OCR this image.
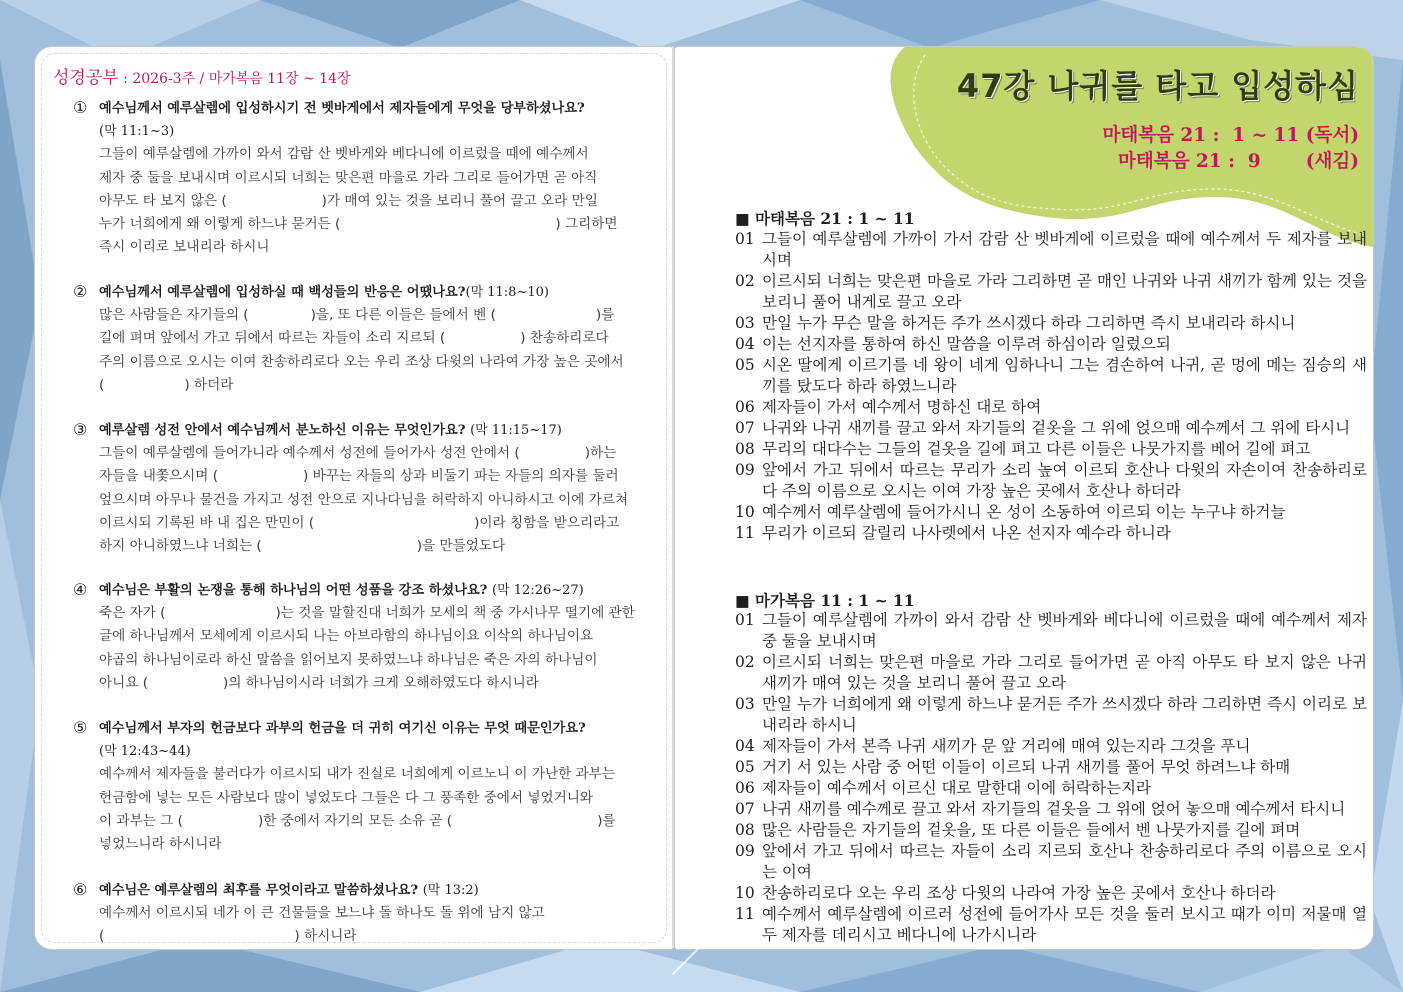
성경공부 : 2026-3주 / 마가복음 11장 ~ 14장
① 예수님께서 예루살렘에 입성하시기 전 벳바게에서 제자들에게 무엇을 당부하셨나요?
(막 11:1~3)
그들이 예루살렘에 가까이 와서 감람 산 벳바게와 베다니에 이르렀을 때에 예수께서
제자 중 둘을 보내시며 이르시되 너희는 맞은편 마을로 가라 그리로 들어가면 곧 아직
아무도 타 보지 않은 (	)가 매여 있는 것을 보리니 풀어 끌고 오라 만일
누가 너희에게 왜 이렇게 하느냐 묻거든 (	) 그리하면
즉시 이리로 보내리라 하시니
② 예수님께서 예루살렘에 입성하실 때 백성들의 반응은 어땠나요?(막 11:8~10)
많은 사람들은 자기들의 (	)을, 또 다른 이들은 들에서 벤 (	)를
길에 펴며 앞에서 가고 뒤에서 따르는 자들이 소리 지르되 (	) 찬송하리로다
주의 이름으로 오시는 이여 찬송하리로다 오는 우리 조상 다윗의 나라여 가장 높은 곳에서
(	) 하더라
③ 예루살렘 성전 안에서 예수님께서 분노하신 이유는 무엇인가요? (막 11:15~17)
그들이 예루살렘에 들어가니라 예수께서 성전에 들어가사 성전 안에서 (	)하는
자들을 내쫓으시며 (	) 바꾸는 자들의 상과 비둘기 파는 자들의 의자를 둘러
엎으시며 아무나 물건을 가지고 성전 안으로 지나다님을 허락하지 아니하시고 이에 가르쳐
이르시되 기록된 바 내 집은 만민이 (	)이라 칭함을 받으리라고
하지 아니하였느냐 너희는 (	)을 만들었도다
④ 예수님은 부활의 논쟁을 통해 하나님의 어떤 성품을 강조 하셨나요? (막 12:26~27)
죽은 자가 (	)는 것을 말할진대 너희가 모세의 책 중 가시나무 떨기에 관한
글에 하나님께서 모세에게 이르시되 나는 아브라함의 하나님이요 이삭의 하나님이요
야곱의 하나님이로라 하신 말씀을 읽어보지 못하였느냐 하나님은 죽은 자의 하나님이
아니요 (	)의 하나님이시라 너희가 크게 오해하였도다 하시니라
⑤ 예수님께서 부자의 헌금보다 과부의 헌금을 더 귀히 여기신 이유는 무엇 때문인가요?
(막 12:43~44)
예수께서 제자들을 불러다가 이르시되 내가 진실로 너희에게 이르노니 이 가난한 과부는
헌금함에 넣는 모든 사람보다 많이 넣었도다 그들은 다 그 풍족한 중에서 넣었거니와
이 과부는 그 (	)한 중에서 자기의 모든 소유 곧 (	)를
넣었느니라 하시니라
⑥ 예수님은 예루살렘의 최후를 무엇이라고 말씀하셨나요? (막 13:2)
예수께서 이르시되 네가 이 큰 건물들을 보느냐 돌 하나도 돌 위에 남지 않고
(	) 하시니라
47강 나귀를 타고 입성하심
마태복음 21 :  1 ~ 11 (독서)
마태복음 21 :  9       (새김)
■ 마태복음 21 : 1 ~ 11
01 그들이 예루살렘에 가까이 가서 감람 산 벳바게에 이르렀을 때에 예수께서 두 제자를 보내시며
02 이르시되 너희는 맞은편 마을로 가라 그리하면 곧 매인 나귀와 나귀 새끼가 함께 있는 것을 보리니 풀어 내게로 끌고 오라
03 만일 누가 무슨 말을 하거든 주가 쓰시겠다 하라 그리하면 즉시 보내리라 하시니
04 이는 선지자를 통하여 하신 말씀을 이루려 하심이라 일렀으되
05 시온 딸에게 이르기를 네 왕이 네게 임하나니 그는 겸손하여 나귀, 곧 멍에 메는 짐승의 새끼를 탔도다 하라 하였느니라
06 제자들이 가서 예수께서 명하신 대로 하여
07 나귀와 나귀 새끼를 끌고 와서 자기들의 겉옷을 그 위에 얹으매 예수께서 그 위에 타시니
08 무리의 대다수는 그들의 겉옷을 길에 펴고 다른 이들은 나뭇가지를 베어 길에 펴고
09 앞에서 가고 뒤에서 따르는 무리가 소리 높여 이르되 호산나 다윗의 자손이여 찬송하리로다 주의 이름으로 오시는 이여 가장 높은 곳에서 호산나 하더라
10 예수께서 예루살렘에 들어가시니 온 성이 소동하여 이르되 이는 누구냐 하거늘
11 무리가 이르되 갈릴리 나사렛에서 나온 선지자 예수라 하니라
■ 마가복음 11 : 1 ~ 11
01 그들이 예루살렘에 가까이 와서 감람 산 벳바게와 베다니에 이르렀을 때에 예수께서 제자 중 둘을 보내시며
02 이르시되 너희는 맞은편 마을로 가라 그리로 들어가면 곧 아직 아무도 타 보지 않은 나귀 새끼가 매여 있는 것을 보리니 풀어 끌고 오라
03 만일 누가 너희에게 왜 이렇게 하느냐 묻거든 주가 쓰시겠다 하라 그리하면 즉시 이리로 보내리라 하시니
04 제자들이 가서 본즉 나귀 새끼가 문 앞 거리에 매여 있는지라 그것을 푸니
05 거기 서 있는 사람 중 어떤 이들이 이르되 나귀 새끼를 풀어 무엇 하려느냐 하매
06 제자들이 예수께서 이르신 대로 말한대 이에 허락하는지라
07 나귀 새끼를 예수께로 끌고 와서 자기들의 겉옷을 그 위에 얹어 놓으매 예수께서 타시니
08 많은 사람들은 자기들의 겉옷을, 또 다른 이들은 들에서 벤 나뭇가지를 길에 펴며
09 앞에서 가고 뒤에서 따르는 자들이 소리 지르되 호산나 찬송하리로다 주의 이름으로 오시는 이여
10 찬송하리로다 오는 우리 조상 다윗의 나라여 가장 높은 곳에서 호산나 하더라
11 예수께서 예루살렘에 이르러 성전에 들어가사 모든 것을 둘러 보시고 때가 이미 저물매 열두 제자를 데리시고 베다니에 나가시니라
